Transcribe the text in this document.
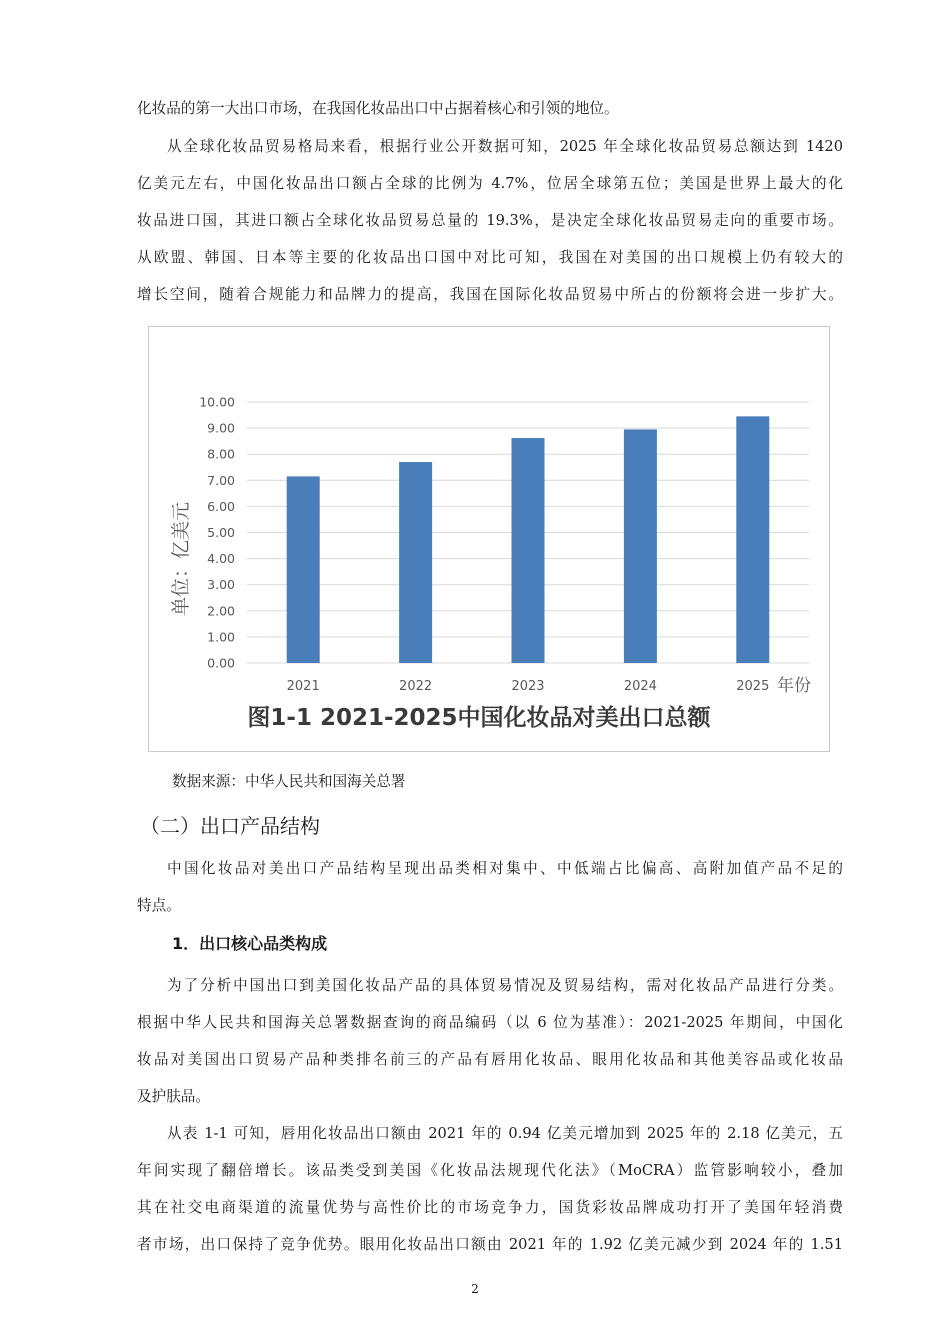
化妆品的第一大出口市场，在我国化妆品出口中占据着核心和引领的地位。
从全球化妆品贸易格局来看，根据行业公开数据可知，2025 年全球化妆品贸易总额达到 1420
亿美元左右，中国化妆品出口额占全球的比例为 4.7%，位居全球第五位；美国是世界上最大的化
妆品进口国，其进口额占全球化妆品贸易总量的 19.3%，是决定全球化妆品贸易走向的重要市场。
从欧盟、韩国、日本等主要的化妆品出口国中对比可知，我国在对美国的出口规模上仍有较大的
增长空间，随着合规能力和品牌力的提高，我国在国际化妆品贸易中所占的份额将会进一步扩大。
0.00
1.00
2.00
3.00
4.00
5.00
6.00
7.00
8.00
9.00
10.00
2021	2022	2023	2024	2025
单位：亿美元
年份
图1-1 2021-2025中国化妆品对美出口总额

数据来源：中华人民共和国海关总署

（二）出口产品结构
中国化妆品对美出口产品结构呈现出品类相对集中、中低端占比偏高、高附加值产品不足的
特点。
1．出口核心品类构成
为了分析中国出口到美国化妆品产品的具体贸易情况及贸易结构，需对化妆品产品进行分类。
根据中华人民共和国海关总署数据查询的商品编码（以 6 位为基准）：2021-2025 年期间，中国化
妆品对美国出口贸易产品种类排名前三的产品有唇用化妆品、眼用化妆品和其他美容品或化妆品
及护肤品。
从表 1-1 可知，唇用化妆品出口额由 2021 年的 0.94 亿美元增加到 2025 年的 2.18 亿美元，五
年间实现了翻倍增长。该品类受到美国《化妆品法规现代化法》（MoCRA）监管影响较小，叠加
其在社交电商渠道的流量优势与高性价比的市场竞争力，国货彩妆品牌成功打开了美国年轻消费
者市场，出口保持了竞争优势。眼用化妆品出口额由 2021 年的 1.92 亿美元减少到 2024 年的 1.51
2
